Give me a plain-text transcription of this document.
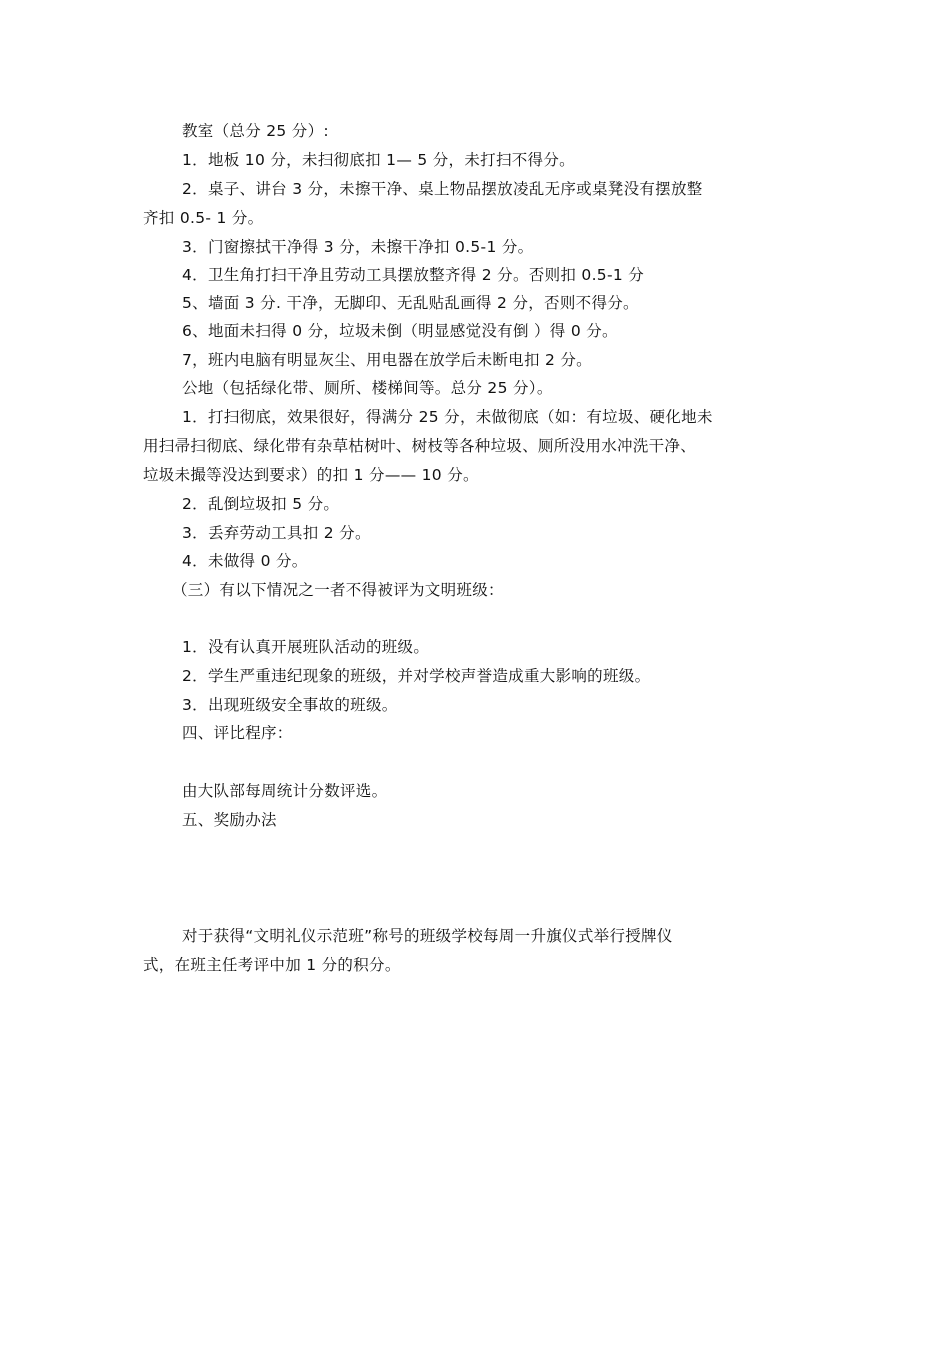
教室（总分 25 分）:
1．地板 10 分，未扫彻底扣 1— 5 分，未打扫不得分。
2．桌子、讲台 3 分，未擦干净、桌上物品摆放凌乱无序或桌凳没有摆放整
齐扣 0.5- 1 分。
3．门窗擦拭干净得 3 分，未擦干净扣 0.5-1 分。
4．卫生角打扫干净且劳动工具摆放整齐得 2 分。否则扣 0.5-1 分
5、墙面 3 分. 干净，无脚印、无乱贴乱画得 2 分，否则不得分。
6、地面未扫得 0 分，垃圾未倒（明显感觉没有倒 ）得 0 分。
7，班内电脑有明显灰尘、用电器在放学后未断电扣 2 分。
公地（包括绿化带、厕所、楼梯间等。总分 25 分）。
1．打扫彻底，效果很好，得满分 25 分，未做彻底（如：有垃圾、硬化地未
用扫帚扫彻底、绿化带有杂草枯树叶、树枝等各种垃圾、厕所没用水冲洗干净、
垃圾未撮等没达到要求）的扣 1 分—— 10 分。
2．乱倒垃圾扣 5 分。
3．丢弃劳动工具扣 2 分。
4．未做得 0 分。
（三）有以下情况之一者不得被评为文明班级：
1．没有认真开展班队活动的班级。
2．学生严重违纪现象的班级，并对学校声誉造成重大影响的班级。
3．出现班级安全事故的班级。
四、评比程序：
由大队部每周统计分数评选。
五、奖励办法
对于获得“文明礼仪示范班”称号的班级学校每周一升旗仪式举行授牌仪
式，在班主任考评中加 1 分的积分。
